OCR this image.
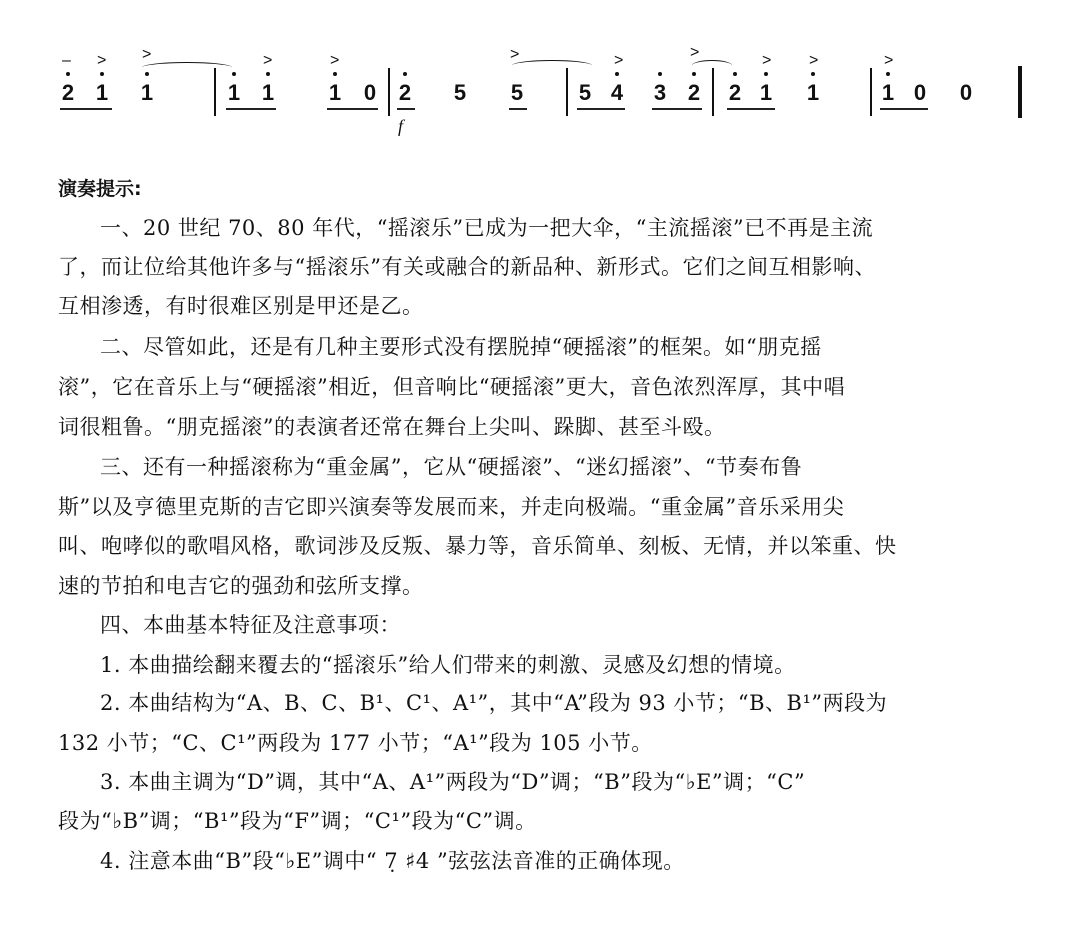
– > >	>	>	>	>	>	> >	>
2 1 1	1 1 1 0 2 5 5	5 4 3 2 2 1 1	1 0 0
f
演奏提示:
一、20 世纪 70、80 年代，“摇滚乐”已成为一把大伞，“主流摇滚”已不再是主流
了，而让位给其他许多与“摇滚乐”有关或融合的新品种、新形式。它们之间互相影响、
互相渗透，有时很难区别是甲还是乙。
二、尽管如此，还是有几种主要形式没有摆脱掉“硬摇滚”的框架。如“朋克摇
滚”，它在音乐上与“硬摇滚”相近，但音响比“硬摇滚”更大，音色浓烈浑厚，其中唱
词很粗鲁。“朋克摇滚”的表演者还常在舞台上尖叫、跺脚、甚至斗殴。
三、还有一种摇滚称为“重金属”，它从“硬摇滚”、“迷幻摇滚”、“节奏布鲁
斯”以及亨德里克斯的吉它即兴演奏等发展而来，并走向极端。“重金属”音乐采用尖
叫、咆哮似的歌唱风格，歌词涉及反叛、暴力等，音乐简单、刻板、无情，并以笨重、快
速的节拍和电吉它的强劲和弦所支撑。
四、本曲基本特征及注意事项：
1. 本曲描绘翻来覆去的“摇滚乐”给人们带来的刺激、灵感及幻想的情境。
2. 本曲结构为“A、B、C、B¹、C¹、A¹”，其中“A”段为 93 小节；“B、B¹”两段为
132 小节；“C、C¹”两段为 177 小节；“A¹”段为 105 小节。
3. 本曲主调为“D”调，其中“A、A¹”两段为“D”调；“B”段为“♭E”调；“C”
段为“♭B”调；“B¹”段为“F”调；“C¹”段为“C”调。
4. 注意本曲“B”段“♭E”调中“ 7̣ ♯4 ”弦弦法音准的正确体现。
